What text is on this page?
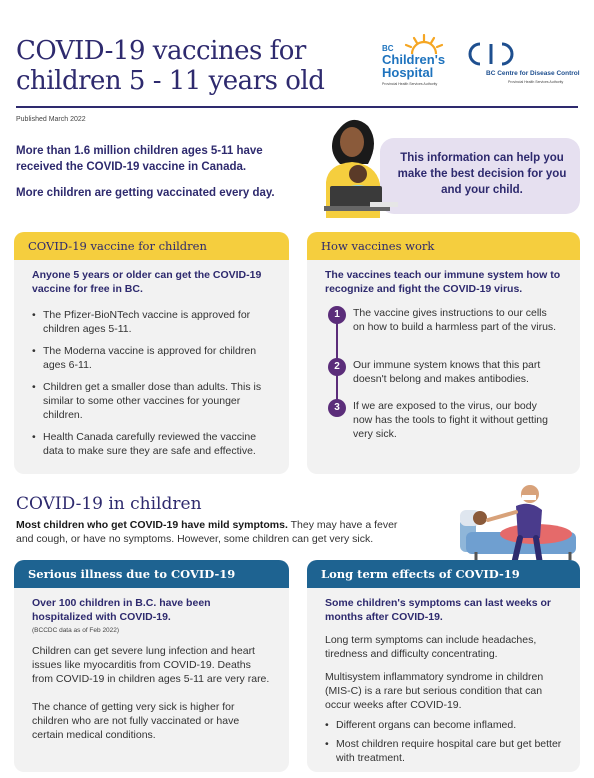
COVID-19 vaccines for children 5 - 11 years old
BC
Children's
Hospital
Provincial Health Services Authority
BC Centre for Disease Control
Provincial Health Services Authority
Published March 2022
More than 1.6 million children ages 5-11 have received the COVID-19 vaccine in Canada.
More children are getting vaccinated every day.
This information can help you make the best decision for you and your child.
COVID-19 vaccine for children
Anyone 5 years or older can get the COVID-19 vaccine for free in BC.
• The Pfizer-BioNTech vaccine is approved for children ages 5-11.
• The Moderna vaccine is approved for children ages 6-11.
• Children get a smaller dose than adults. This is similar to some other vaccines for younger children.
• Health Canada carefully reviewed the vaccine data to make sure they are safe and effective.
How vaccines work
The vaccines teach our immune system how to recognize and fight the COVID-19 virus.
1	The vaccine gives instructions to our cells on how to build a harmless part of the virus.
2	Our immune system knows that this part doesn't belong and makes antibodies.
3	If we are exposed to the virus, our body now has the tools to fight it without getting very sick.
COVID-19 in children
Most children who get COVID-19 have mild symptoms. They may have a fever and cough, or have no symptoms. However, some children can get very sick.
Serious illness due to COVID-19
Over 100 children in B.C. have been hospitalized with COVID-19.
(BCCDC data as of Feb 2022)
Children can get severe lung infection and heart issues like myocarditis from COVID-19. Deaths from COVID-19 in children ages 5-11 are very rare.
The chance of getting very sick is higher for children who are not fully vaccinated or have certain medical conditions.
Long term effects of COVID-19
Some children's symptoms can last weeks or months after COVID-19.
Long term symptoms can include headaches, tiredness and difficulty concentrating.
Multisystem inflammatory syndrome in children (MIS-C) is a rare but serious condition that can occur weeks after COVID-19.
• Different organs can become inflamed.
• Most children require hospital care but get better with treatment.
